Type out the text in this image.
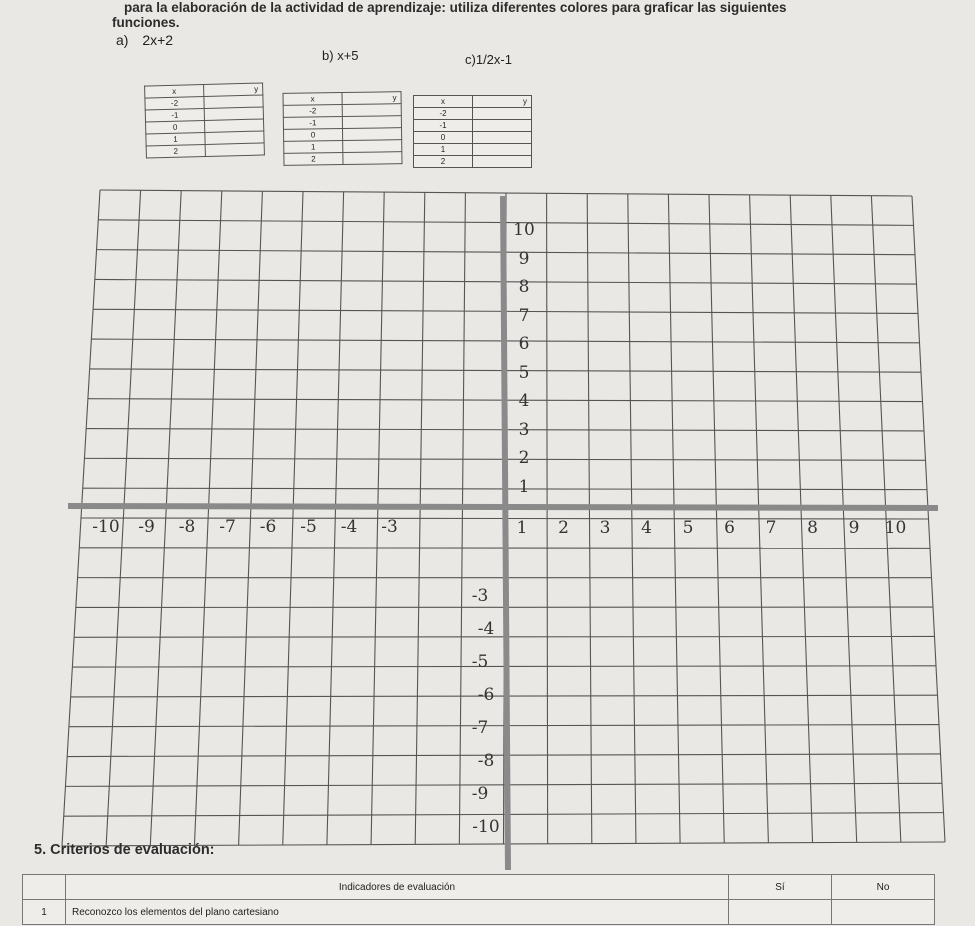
para la elaboración de la actividad de aprendizaje: utiliza diferentes colores para graficar las siguientes
funciones.
a) 2x+2
b) x+5	c)1/2x-1
x	y
-2	
-1	
0	
1	
2	
x	y
-2	
-1	
0	
1	
2	
x	y
-2	
-1	
0	
1	
2	
10
9
8
7
6
5
4
3
2
1
-10 -9 -8 -7 -6 -5 -4 -3	1 2 3 4 5 6 7 8 9 10
-3
-4
-5
-6
-7
-8
-9
-10
5. Criterios de evaluación:
	Indicadores de evaluación	Sí	No
1	Reconozco los elementos del plano cartesiano		
